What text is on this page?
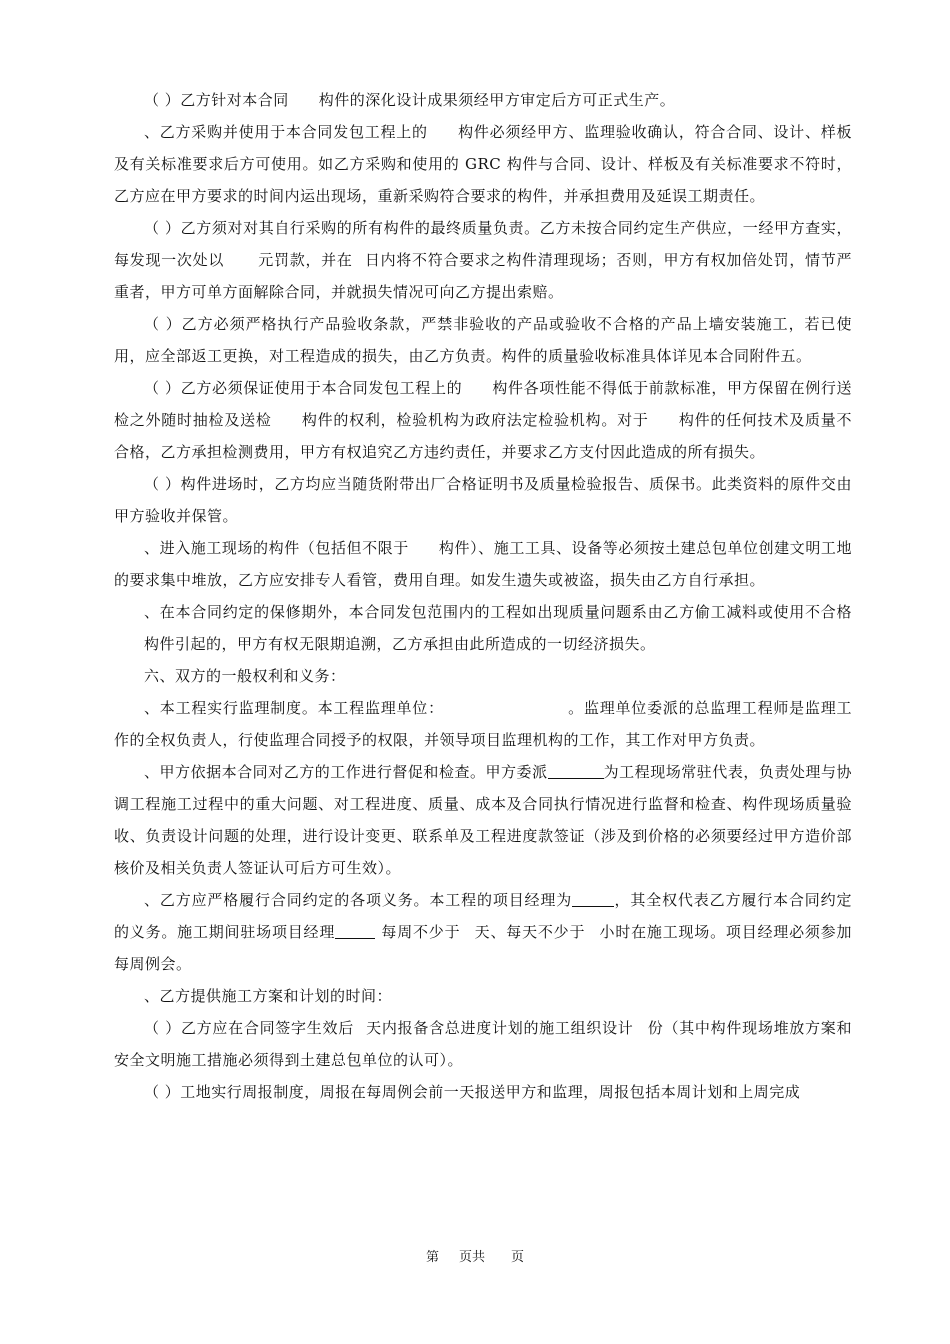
（ ）乙方针对本合同 构件的深化设计成果须经甲方审定后方可正式生产。

、乙方采购并使用于本合同发包工程上的 构件必须经甲方、监理验收确认，符合合同、设计、样板及有关标准要求后方可使用。如乙方采购和使用的 GRC 构件与合同、设计、样板及有关标准要求不符时，乙方应在甲方要求的时间内运出现场，重新采购符合要求的构件，并承担费用及延误工期责任。

（ ）乙方须对对其自行采购的所有构件的最终质量负责。乙方未按合同约定生产供应，一经甲方查实，每发现一次处以 元罚款，并在 日内将不符合要求之构件清理现场；否则，甲方有权加倍处罚，情节严重者，甲方可单方面解除合同，并就损失情况可向乙方提出索赔。

（ ）乙方必须严格执行产品验收条款，严禁非验收的产品或验收不合格的产品上墙安装施工，若已使用，应全部返工更换，对工程造成的损失，由乙方负责。构件的质量验收标准具体详见本合同附件五。

（ ）乙方必须保证使用于本合同发包工程上的 构件各项性能不得低于前款标准，甲方保留在例行送检之外随时抽检及送检 构件的权利，检验机构为政府法定检验机构。对于 构件的任何技术及质量不合格，乙方承担检测费用，甲方有权追究乙方违约责任，并要求乙方支付因此造成的所有损失。

（ ）构件进场时，乙方均应当随货附带出厂合格证明书及质量检验报告、质保书。此类资料的原件交由甲方验收并保管。

、进入施工现场的构件（包括但不限于 构件）、施工工具、设备等必须按土建总包单位创建文明工地的要求集中堆放，乙方应安排专人看管，费用自理。如发生遗失或被盗，损失由乙方自行承担。

、在本合同约定的保修期外，本合同发包范围内的工程如出现质量问题系由乙方偷工减料或使用不合格构件引起的，甲方有权无限期追溯，乙方承担由此所造成的一切经济损失。

六、双方的一般权利和义务：

、本工程实行监理制度。本工程监理单位：	。监理单位委派的总监理工程师是监理工作的全权负责人，行使监理合同授予的权限，并领导项目监理机构的工作，其工作对甲方负责。

、甲方依据本合同对乙方的工作进行督促和检查。甲方委派	为工程现场常驻代表，负责处理与协调工程施工过程中的重大问题、对工程进度、质量、成本及合同执行情况进行监督和检查、构件现场质量验收、负责设计问题的处理，进行设计变更、联系单及工程进度款签证（涉及到价格的必须要经过甲方造价部核价及相关负责人签证认可后方可生效）。

、乙方应严格履行合同约定的各项义务。本工程的项目经理为	，其全权代表乙方履行本合同约定的义务。施工期间驻场项目经理	每周不少于 天、每天不少于 小时在施工现场。项目经理必须参加每周例会。

、乙方提供施工方案和计划的时间：

（ ）乙方应在合同签字生效后 天内报备含总进度计划的施工组织设计 份（其中构件现场堆放方案和安全文明施工措施必须得到土建总包单位的认可）。

（ ）工地实行周报制度，周报在每周例会前一天报送甲方和监理，周报包括本周计划和上周完成

第 页共 页
